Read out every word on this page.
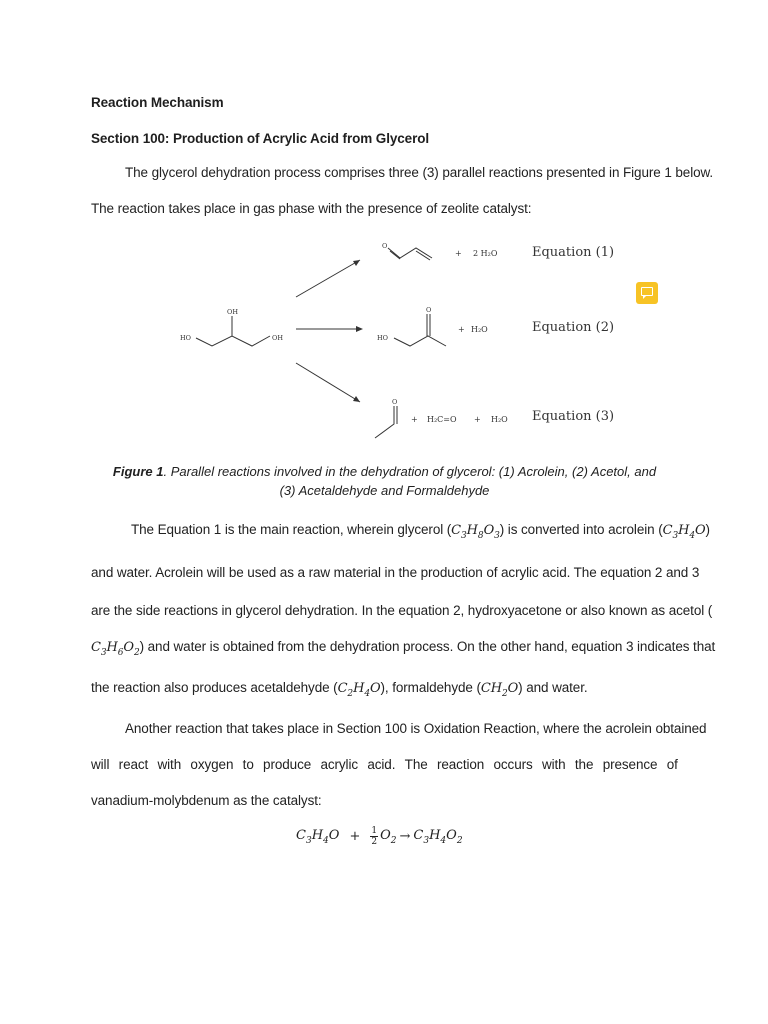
Reaction Mechanism
Section 100: Production of Acrylic Acid from Glycerol
The glycerol dehydration process comprises three (3) parallel reactions presented in Figure 1 below.
The reaction takes place in gas phase with the presence of zeolite catalyst:
HO
OH
OH
O
+ 2 H₂O	Equation (1)
HO
O
+ H₂O	Equation (2)
O
+ H₂C=O + H₂O Equation (3)
Figure 1. Parallel reactions involved in the dehydration of glycerol: (1) Acrolein, (2) Acetol, and
(3) Acetaldehyde and Formaldehyde
The Equation 1 is the main reaction, wherein glycerol $(C_3H_8O_3)$ is converted into acrolein $(C_3H_4O)$
and water. Acrolein will be used as a raw material in the production of acrylic acid. The equation 2 and 3
are the side reactions in glycerol dehydration. In the equation 2, hydroxyacetone or also known as acetol (
$C_3H_6O_2$) and water is obtained from the dehydration process. On the other hand, equation 3 indicates that
the reaction also produces acetaldehyde $(C_2H_4O)$, formaldehyde $(CH_2O)$ and water.
Another reaction that takes place in Section 100 is Oxidation Reaction, where the acrolein obtained
will react with oxygen to produce acrylic acid. The reaction occurs with the presence of
vanadium-molybdenum as the catalyst:
$C_3H_4O + \frac{1}{2} O_2 \to C_3H_4O_2$
